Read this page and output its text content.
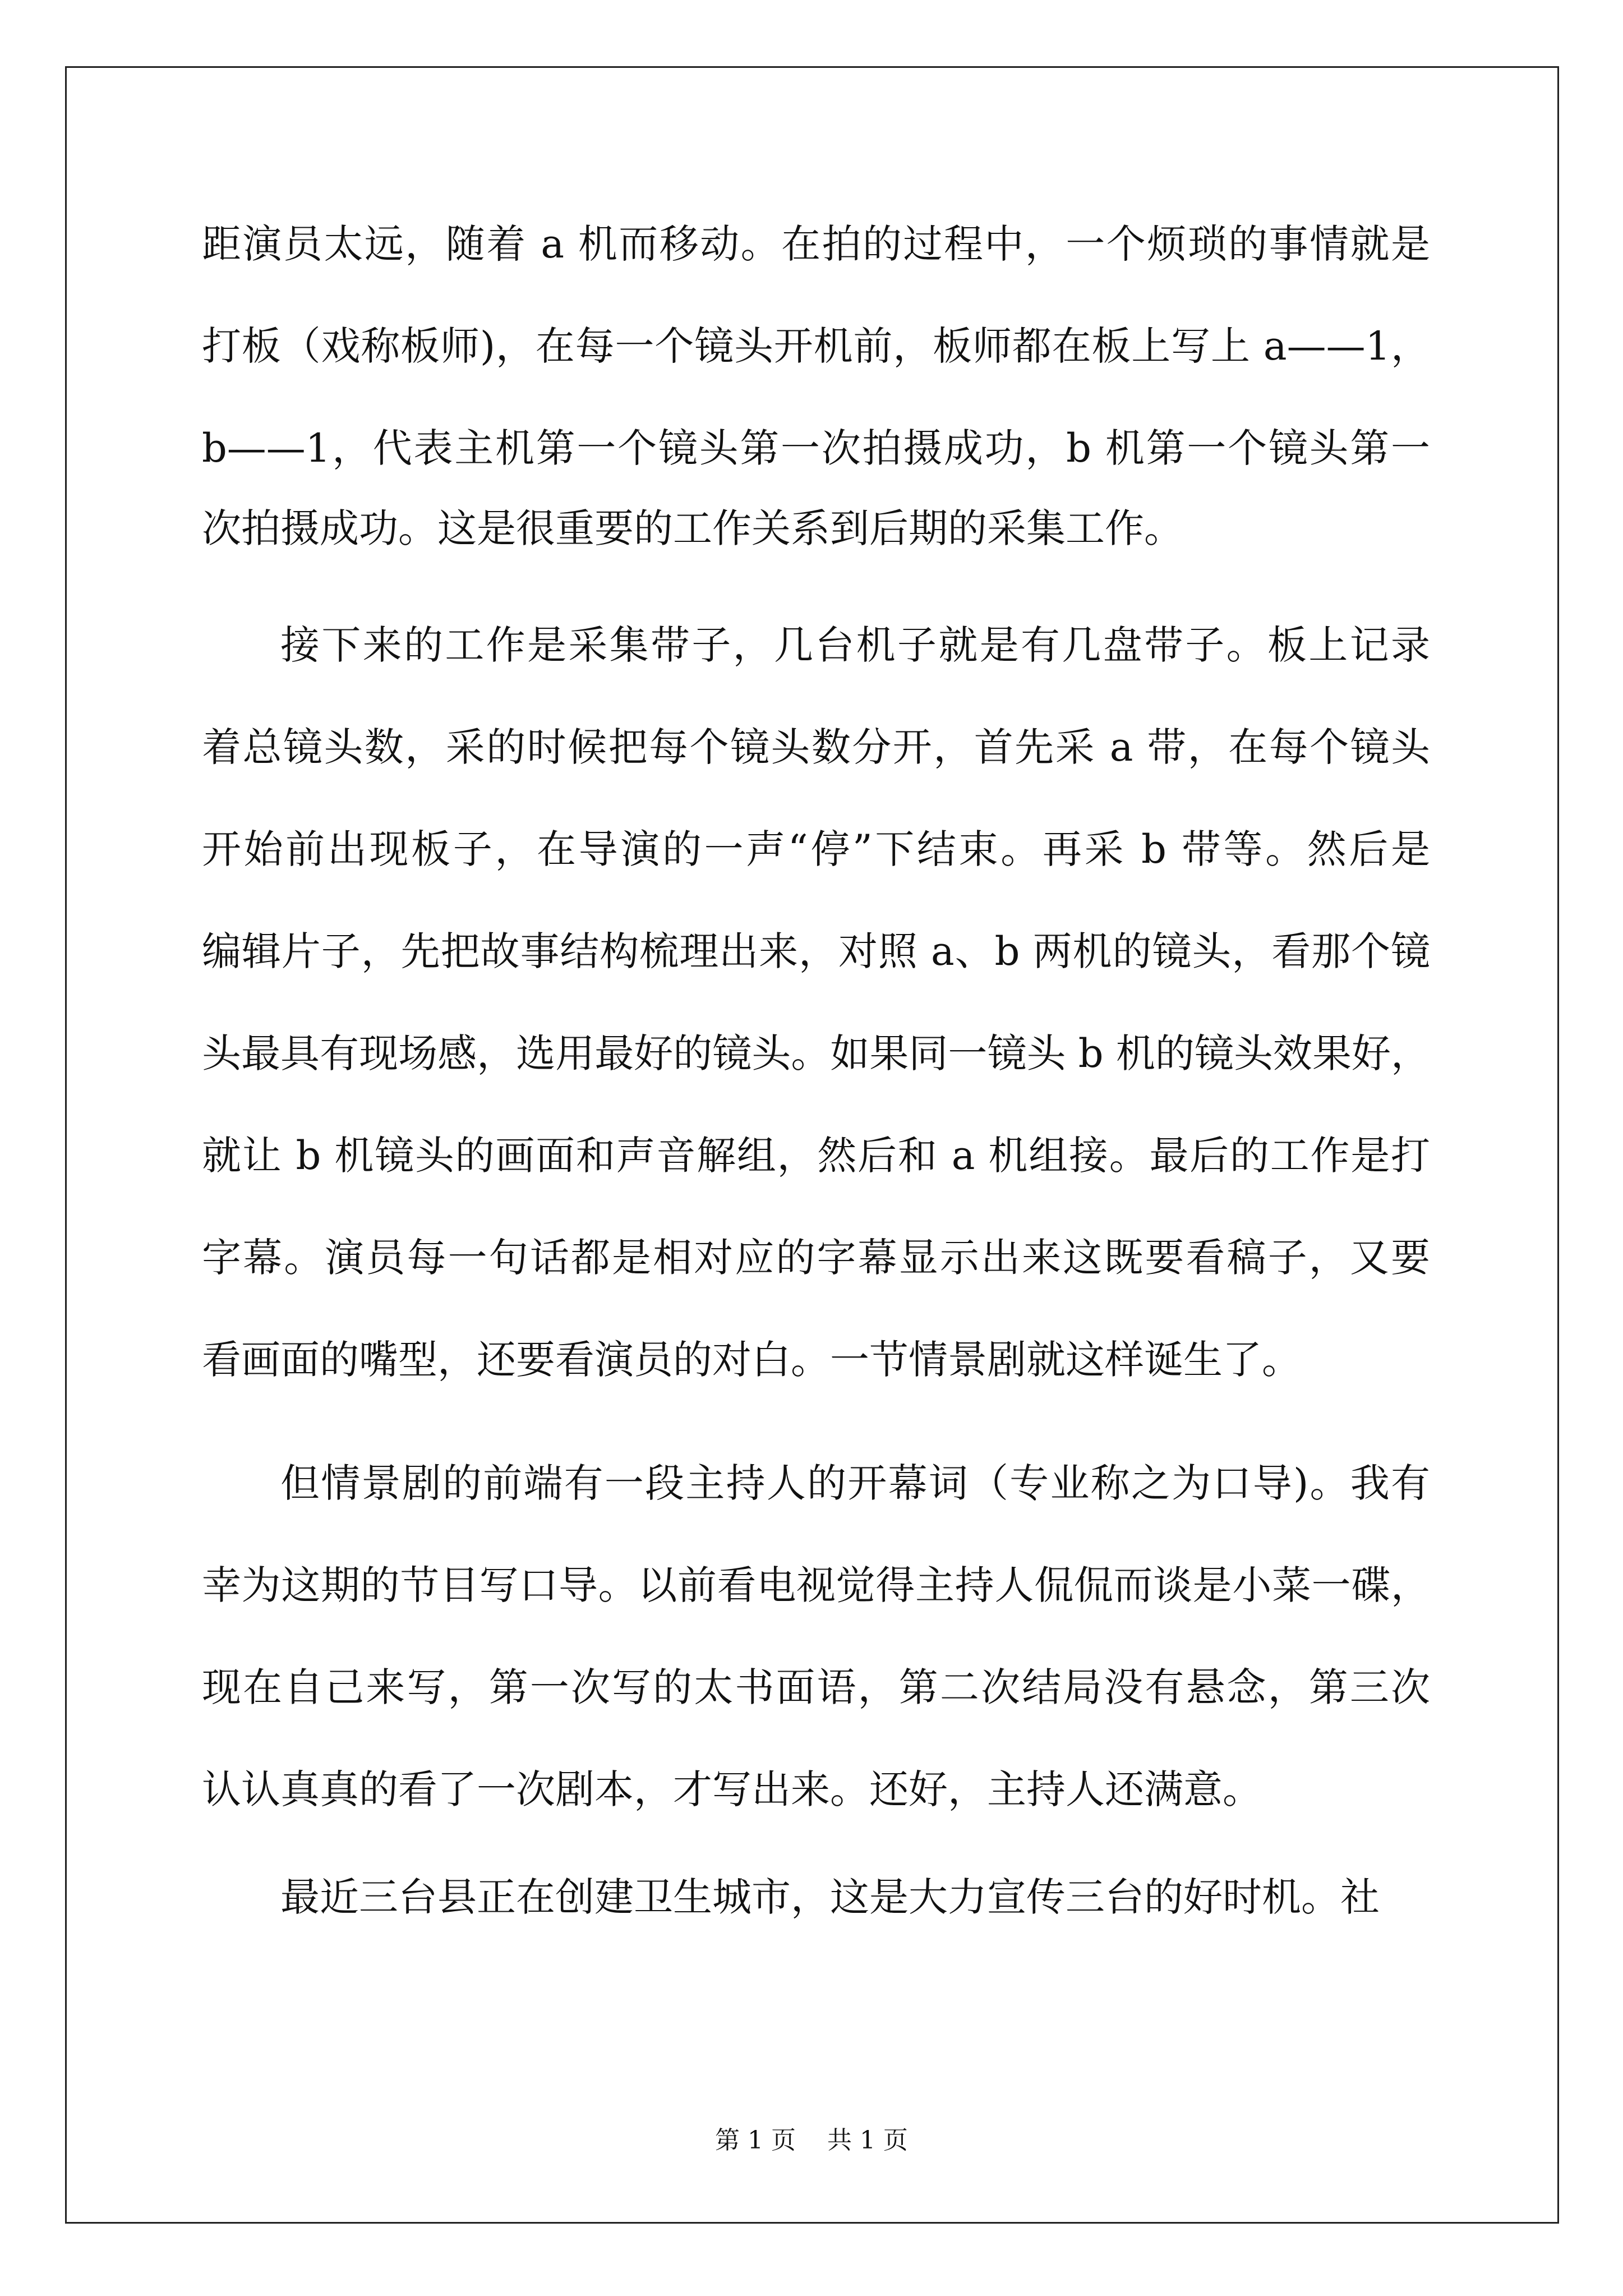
距演员太远，随着 a 机而移动。在拍的过程中，一个烦琐的事情就是

打板（戏称板师)，在每一个镜头开机前，板师都在板上写上 a——1，

b——1，代表主机第一个镜头第一次拍摄成功，b 机第一个镜头第一

次拍摄成功。这是很重要的工作关系到后期的采集工作。

接下来的工作是采集带子，几台机子就是有几盘带子。板上记录

着总镜头数，采的时候把每个镜头数分开，首先采 a 带，在每个镜头

开始前出现板子，在导演的一声“停”下结束。再采 b 带等。然后是

编辑片子，先把故事结构梳理出来，对照 a、b 两机的镜头，看那个镜

头最具有现场感，选用最好的镜头。如果同一镜头 b 机的镜头效果好，

就让 b 机镜头的画面和声音解组，然后和 a 机组接。最后的工作是打

字幕。演员每一句话都是相对应的字幕显示出来这既要看稿子，又要

看画面的嘴型，还要看演员的对白。一节情景剧就这样诞生了。

但情景剧的前端有一段主持人的开幕词（专业称之为口导)。我有

幸为这期的节目写口导。以前看电视觉得主持人侃侃而谈是小菜一碟，

现在自己来写，第一次写的太书面语，第二次结局没有悬念，第三次

认认真真的看了一次剧本，才写出来。还好，主持人还满意。

最近三台县正在创建卫生城市，这是大力宣传三台的好时机。社

第 1 页    共 1 页
